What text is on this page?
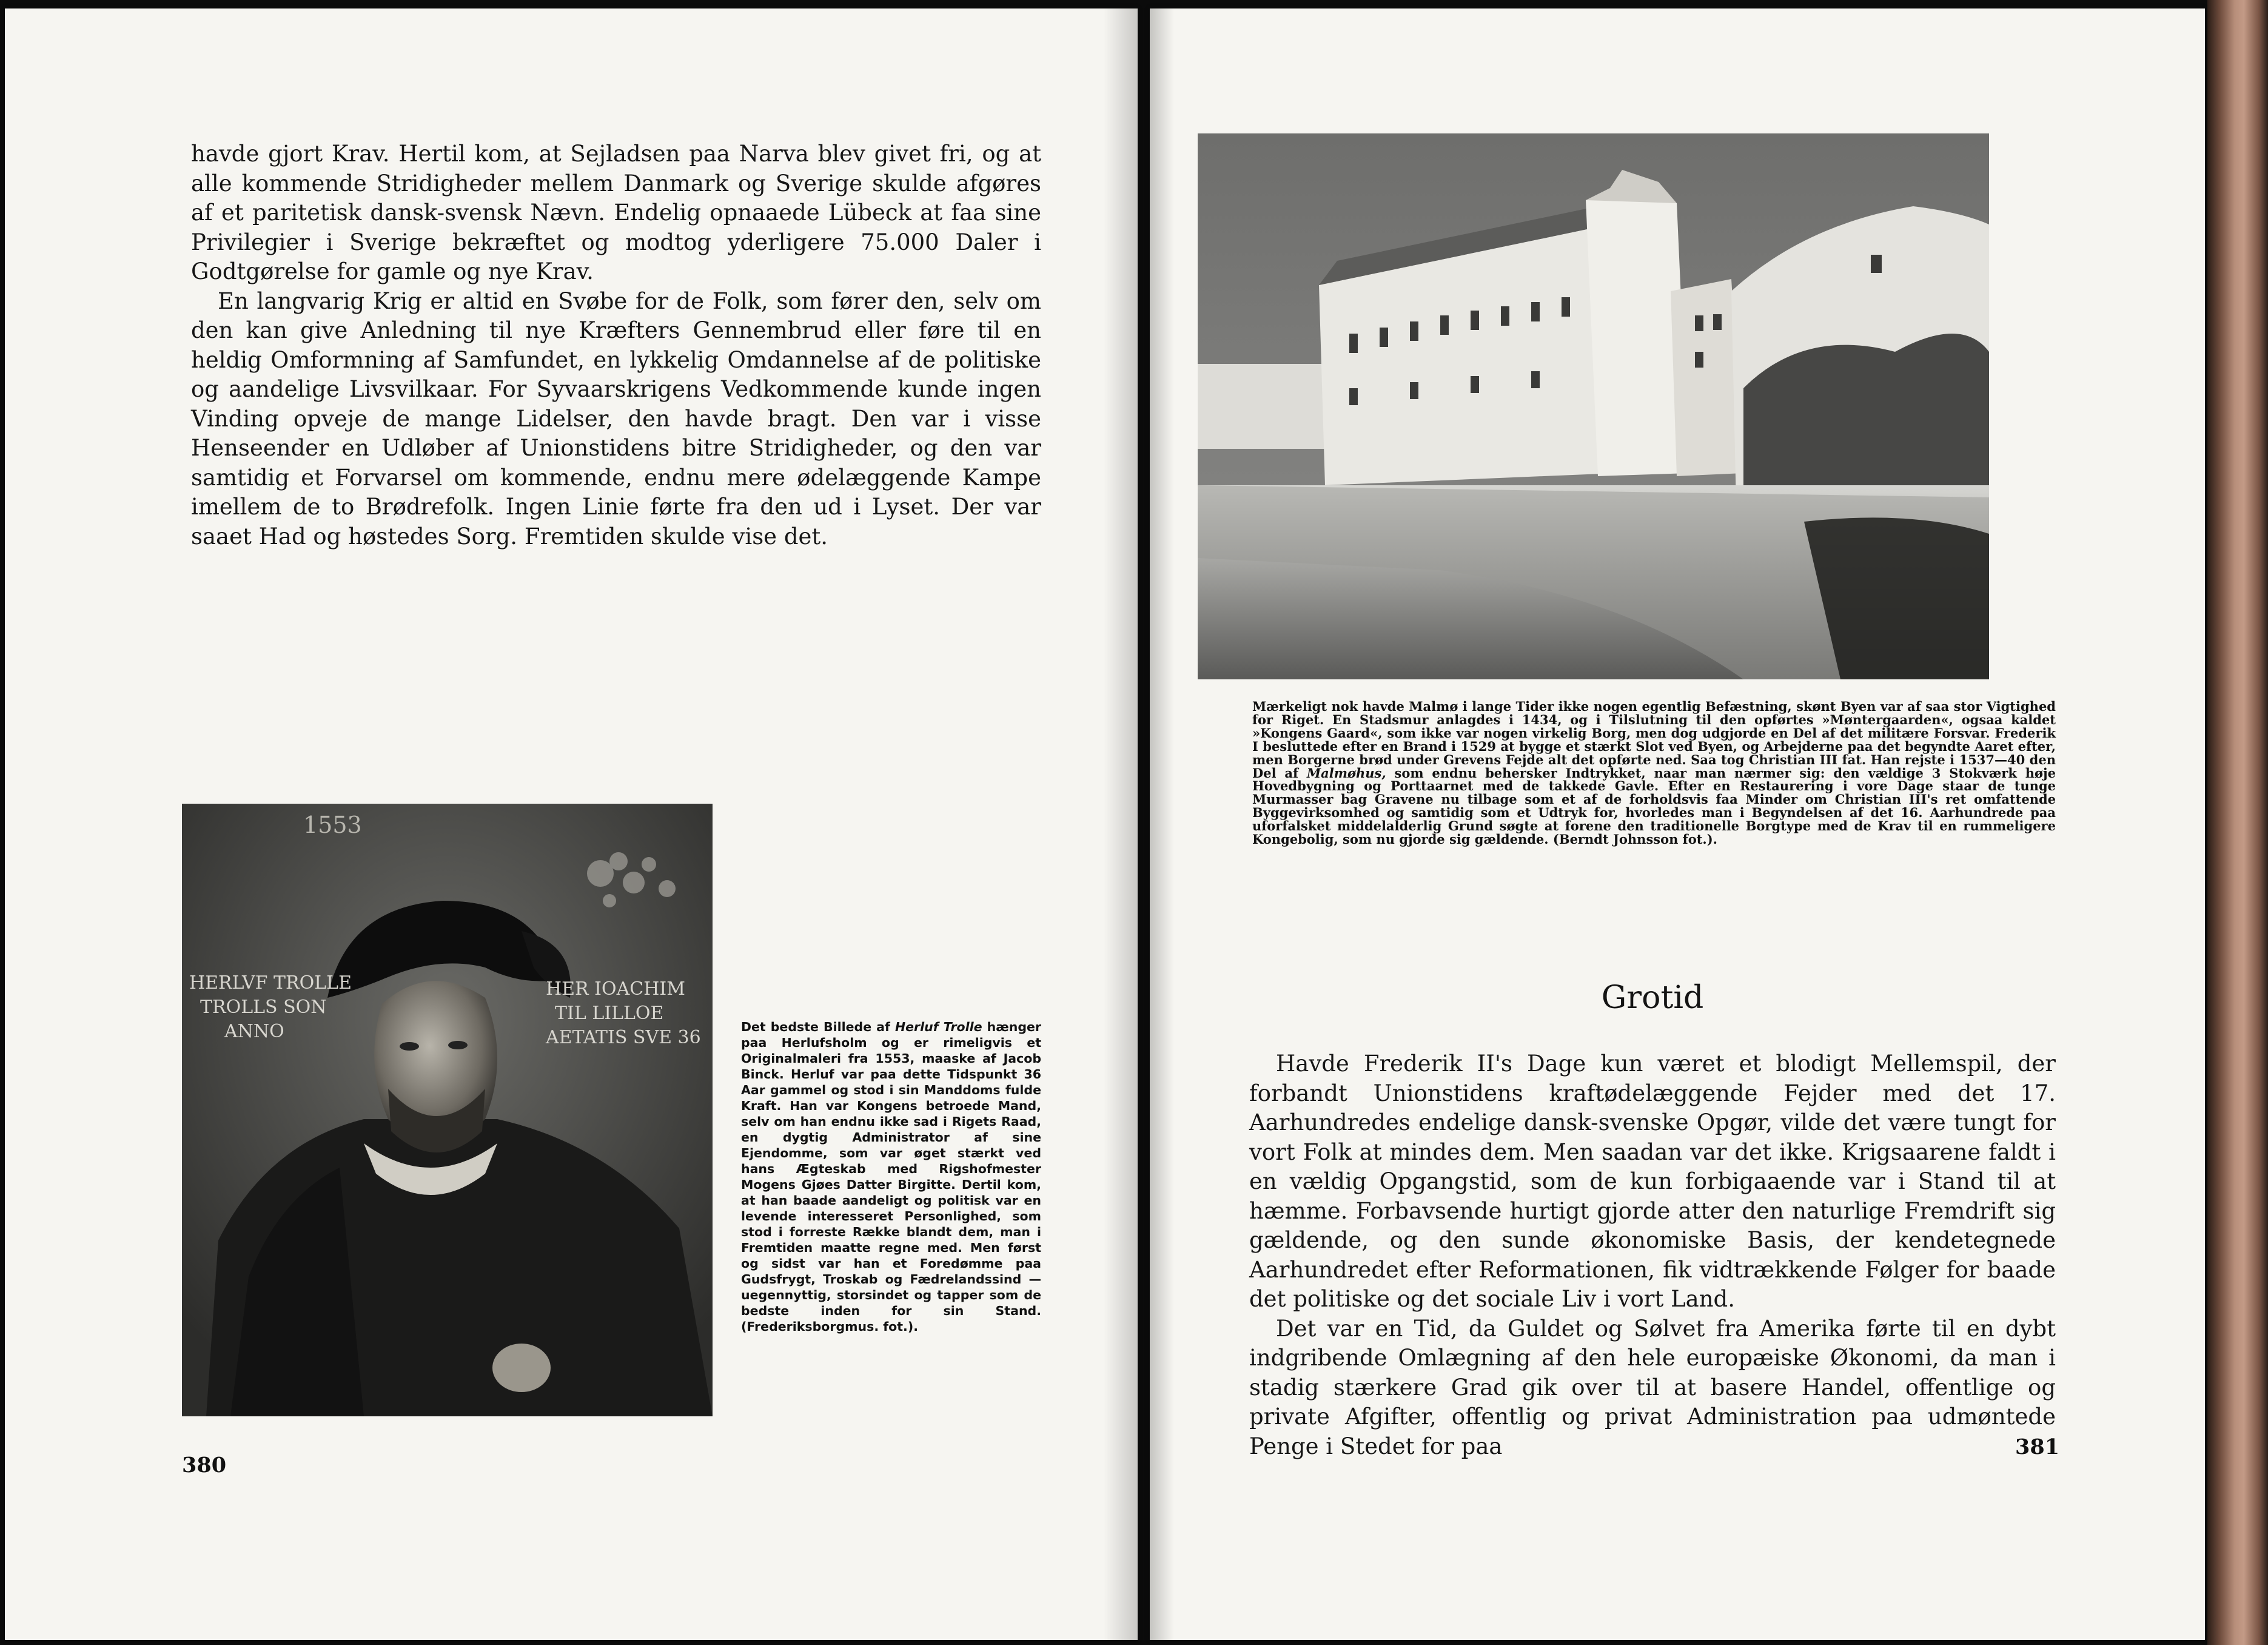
havde gjort Krav. Hertil kom, at Sejladsen paa Narva blev givet fri, og at alle kommende Stridigheder mellem Danmark og Sverige skulde afgøres af et paritetisk dansk-svensk Nævn. Endelig opnaaede Lübeck at faa sine Privilegier i Sverige bekræftet og modtog yderligere 75.000 Daler i Godtgørelse for gamle og nye Krav.

En langvarig Krig er altid en Svøbe for de Folk, som fører den, selv om den kan give Anledning til nye Kræfters Gennembrud eller føre til en heldig Omformning af Samfundet, en lykkelig Omdannelse af de politiske og aandelige Livsvilkaar. For Syvaarskrigens Vedkommende kunde ingen Vinding opveje de mange Lidelser, den havde bragt. Den var i visse Henseender en Udløber af Unionstidens bitre Stridigheder, og den var samtidig et Forvarsel om kommende, endnu mere ødelæggende Kampe imellem de to Brødrefolk. Ingen Linie førte fra den ud i Lyset. Der var saaet Had og høstedes Sorg. Fremtiden skulde vise det.

1553
HERLVF TROLLE
TROLLS SON
ANNO
HER IOACHIM
TIL LILLOE
AETATIS SVE 36	Det bedste Billede af Herluf Trolle hænger paa Herlufsholm og er rimeligvis et Originalmaleri fra 1553, maaske af Jacob Binck. Herluf var paa dette Tidspunkt 36 Aar gammel og stod i sin Manddoms fulde Kraft. Han var Kongens betroede Mand, selv om han endnu ikke sad i Rigets Raad, en dygtig Administrator af sine Ejendomme, som var øget stærkt ved hans Ægteskab med Rigshofmester Mogens Gjøes Datter Birgitte. Dertil kom, at han baade aandeligt og politisk var en levende interesseret Personlighed, som stod i forreste Række blandt dem, man i Fremtiden maatte regne med. Men først og sidst var han et Foredømme paa Gudsfrygt, Troskab og Fædrelandssind — uegennyttig, storsindet og tapper som de bedste inden for sin Stand. (Frederiksborgmus. fot.).
380
Mærkeligt nok havde Malmø i lange Tider ikke nogen egentlig Befæstning, skønt Byen var af saa stor Vigtighed for Riget. En Stadsmur anlagdes i 1434, og i Tilslutning til den opførtes »Møntergaarden«, ogsaa kaldet »Kongens Gaard«, som ikke var nogen virkelig Borg, men dog udgjorde en Del af det militære Forsvar. Frederik I besluttede efter en Brand i 1529 at bygge et stærkt Slot ved Byen, og Arbejderne paa det begyndte Aaret efter, men Borgerne brød under Grevens Fejde alt det opførte ned. Saa tog Christian III fat. Han rejste i 1537—40 den Del af Malmøhus, som endnu behersker Indtrykket, naar man nærmer sig: den vældige 3 Stokværk høje Hovedbygning og Porttaarnet med de takkede Gavle. Efter en Restaurering i vore Dage staar de tunge Murmasser bag Gravene nu tilbage som et af de forholdsvis faa Minder om Christian III's ret omfattende Byggevirksomhed og samtidig som et Udtryk for, hvorledes man i Begyndelsen af det 16. Aarhundrede paa uforfalsket middelalderlig Grund søgte at forene den traditionelle Borgtype med de Krav til en rummeligere Kongebolig, som nu gjorde sig gældende. (Berndt Johnsson fot.).
Grotid

Havde Frederik II's Dage kun været et blodigt Mellemspil, der forbandt Unionstidens kraftødelæggende Fejder med det 17. Aarhundredes endelige dansk-svenske Opgør, vilde det være tungt for vort Folk at mindes dem. Men saadan var det ikke. Krigsaarene faldt i en vældig Opgangstid, som de kun forbigaaende var i Stand til at hæmme. Forbavsende hurtigt gjorde atter den naturlige Fremdrift sig gældende, og den sunde økonomiske Basis, der kendetegnede Aarhundredet efter Reformationen, fik vidtrækkende Følger for baade det politiske og det sociale Liv i vort Land.

Det var en Tid, da Guldet og Sølvet fra Amerika førte til en dybt indgribende Omlægning af den hele europæiske Økonomi, da man i stadig stærkere Grad gik over til at basere Handel, offentlige og private Afgifter, offentlig og privat Administration paa udmøntede Penge i Stedet for paa	381
